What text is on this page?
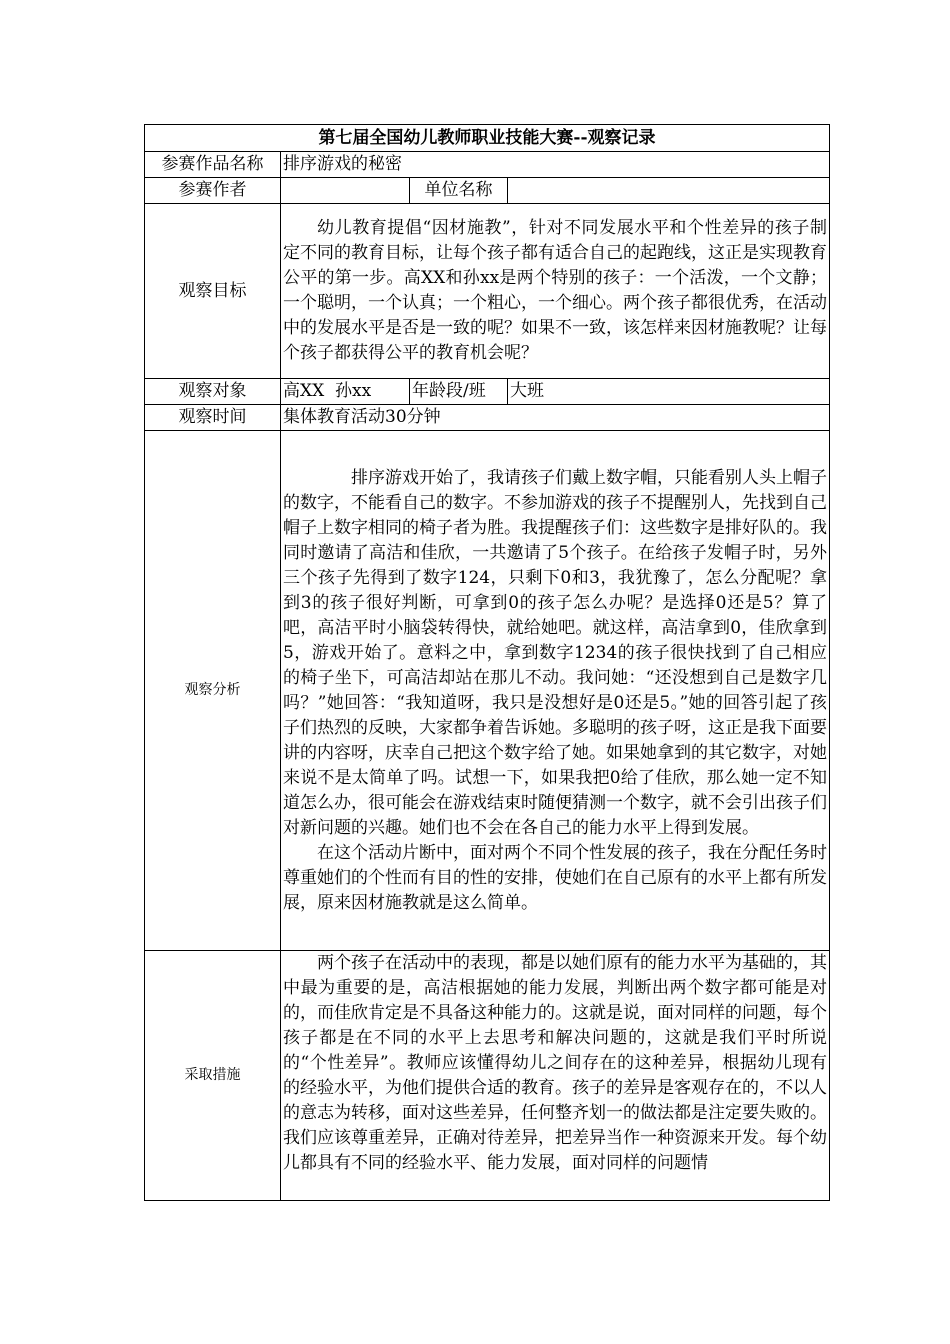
第七届全国幼儿教师职业技能大赛--观察记录			
参赛作品名称	排序游戏的秘密		
参赛作者		单位名称	
观察目标	幼儿教育提倡“因材施教”，针对不同发展水平和个性差异的孩子制定不同的教育目标，让每个孩子都有适合自己的起跑线，这正是实现教育公平的第一步。高XX和孙xx是两个特别的孩子：一个活泼，一个文静；一个聪明，一个认真；一个粗心，一个细心。两个孩子都很优秀，在活动中的发展水平是否是一致的呢？如果不一致，该怎样来因材施教呢？让每个孩子都获得公平的教育机会呢？		

观察对象	高XX  孙xx	年龄段/班	大班
观察时间	集体教育活动30分钟		
观察分析	排序游戏开始了，我请孩子们戴上数字帽，只能看别人头上帽子的数字，不能看自己的数字。不参加游戏的孩子不提醒别人，先找到自己帽子上数字相同的椅子者为胜。我提醒孩子们：这些数字是排好队的。我同时邀请了高洁和佳欣，一共邀请了5个孩子。在给孩子发帽子时，另外三个孩子先得到了数字124，只剩下0和3，我犹豫了，怎么分配呢？拿到3的孩子很好判断，可拿到0的孩子怎么办呢？是选择0还是5？算了吧，高洁平时小脑袋转得快，就给她吧。就这样，高洁拿到0，佳欣拿到5，游戏开始了。意料之中，拿到数字1234的孩子很快找到了自己相应的椅子坐下，可高洁却站在那儿不动。我问她：“还没想到自己是数字几吗？”她回答：“我知道呀，我只是没想好是0还是5。”她的回答引起了孩子们热烈的反映，大家都争着告诉她。多聪明的孩子呀，这正是我下面要讲的内容呀，庆幸自己把这个数字给了她。如果她拿到的其它数字，对她来说不是太简单了吗。试想一下，如果我把0给了佳欣，那么她一定不知道怎么办，很可能会在游戏结束时随便猜测一个数字，就不会引出孩子们对新问题的兴趣。她们也不会在各自己的能力水平上得到发展。

在这个活动片断中，面对两个不同个性发展的孩子，我在分配任务时尊重她们的个性而有目的性的安排，使她们在自己原有的水平上都有所发展，原来因材施教就是这么简单。		

采取措施	两个孩子在活动中的表现，都是以她们原有的能力水平为基础的，其中最为重要的是，高洁根据她的能力发展，判断出两个数字都可能是对的，而佳欣肯定是不具备这种能力的。这就是说，面对同样的问题，每个孩子都是在不同的水平上去思考和解决问题的，这就是我们平时所说的“个性差异”。教师应该懂得幼儿之间存在的这种差异，根据幼儿现有的经验水平，为他们提供合适的教育。孩子的差异是客观存在的，不以人的意志为转移，面对这些差异，任何整齐划一的做法都是注定要失败的。我们应该尊重差异，正确对待差异，把差异当作一种资源来开发。每个幼儿都具有不同的经验水平、能力发展，面对同样的问题情		
